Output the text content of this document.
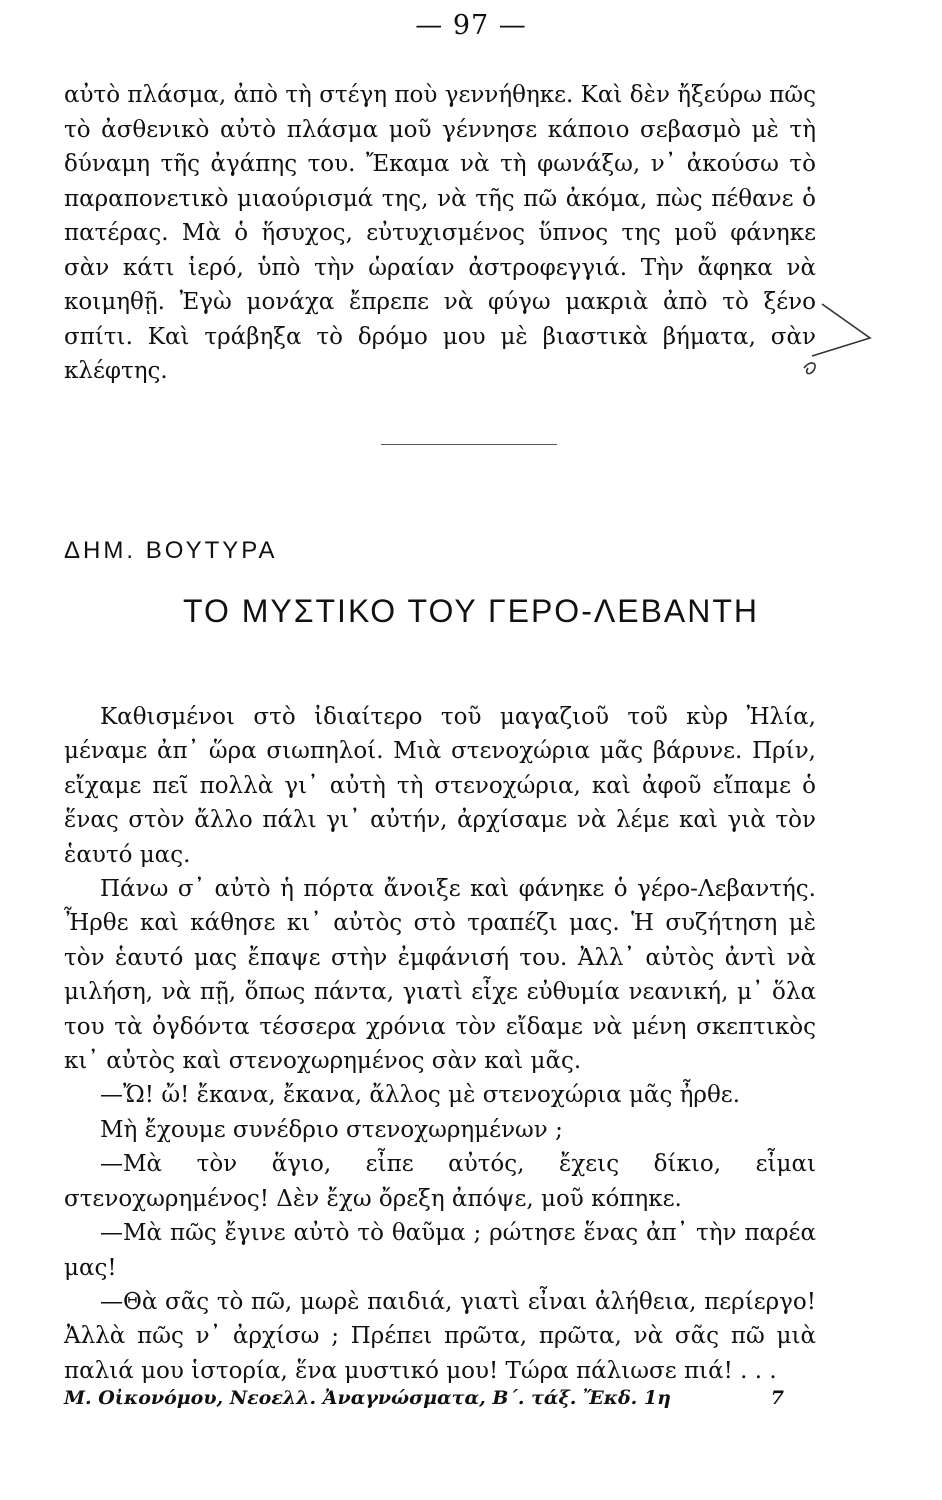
— 97 —

αὐτὸ πλάσμα, ἀπὸ τὴ στέγη ποὺ γεννήθηκε. Καὶ δὲν ἤξεύρω πῶς τὸ ἀσθενικὸ αὐτὸ πλάσμα μοῦ γέννησε κάποιο σεβασμὸ μὲ τὴ δύναμη τῆς ἀγάπης του. Ἔκαμα νὰ τὴ φωνάξω, ν᾽ ἀκούσω τὸ παραπονετικὸ μιαούρισμά της, νὰ τῆς πῶ ἀκόμα, πὼς πέθανε ὁ πατέρας. Μὰ ὁ ἥσυχος, εὐτυχισμένος ὕπνος της μοῦ φάνηκε σὰν κάτι ἱερό, ὑπὸ τὴν ὡραίαν ἀστροφεγγιά. Τὴν ἄφηκα νὰ κοιμηθῇ. Ἐγὼ μονάχα ἔπρεπε νὰ φύγω μακριὰ ἀπὸ τὸ ξένο σπίτι. Καὶ τράβηξα τὸ δρόμο μου μὲ βιαστικὰ βήματα, σὰν κλέφτης.

ΔΗΜ. ΒΟΥΤΥΡΑ
ΤΟ ΜΥΣΤΙΚΟ ΤΟΥ ΓΕΡΟ-ΛΕΒΑΝΤΗ

Καθισμένοι στὸ ἰδιαίτερο τοῦ μαγαζιοῦ τοῦ κὺρ Ἠλία, μέναμε ἀπ᾽ ὥρα σιωπηλοί. Μιὰ στενοχώρια μᾶς βάρυνε. Πρίν, εἴχαμε πεῖ πολλὰ γι᾽ αὐτὴ τὴ στενοχώρια, καὶ ἀφοῦ εἴπαμε ὁ ἕνας στὸν ἄλλο πάλι γι᾽ αὐτήν, ἀρχίσαμε νὰ λέμε καὶ γιὰ τὸν ἑαυτό μας.

Πάνω σ᾽ αὐτὸ ἡ πόρτα ἄνοιξε καὶ φάνηκε ὁ γέρο-Λεβαντής. Ἦρθε καὶ κάθησε κι᾽ αὐτὸς στὸ τραπέζι μας. Ἡ συζήτηση μὲ τὸν ἑαυτό μας ἔπαψε στὴν ἐμφάνισή του. Ἀλλ᾽ αὐτὸς ἀντὶ νὰ μιλήση, νὰ πῇ, ὅπως πάντα, γιατὶ εἶχε εὐθυμία νεανική, μ᾽ ὅλα του τὰ ὀγδόντα τέσσερα χρόνια τὸν εἴδαμε νὰ μένη σκεπτικὸς κι᾽ αὐτὸς καὶ στενοχωρημένος σὰν καὶ μᾶς.

—Ὤ! ὤ! ἔκανα, ἔκανα, ἄλλος μὲ στενοχώρια μᾶς ἦρθε.

Μὴ ἔχουμε συνέδριο στενοχωρημένων ;

—Μὰ τὸν ἅγιο, εἶπε αὐτός, ἔχεις δίκιο, εἶμαι στενοχωρημένος! Δὲν ἔχω ὄρεξη ἀπόψε, μοῦ κόπηκε.

—Μὰ πῶς ἔγινε αὐτὸ τὸ θαῦμα ; ρώτησε ἕνας ἀπ᾽ τὴν παρέα μας!

—Θὰ σᾶς τὸ πῶ, μωρὲ παιδιά, γιατὶ εἶναι ἀλήθεια, περίεργο! Ἀλλὰ πῶς ν᾽ ἀρχίσω ; Πρέπει πρῶτα, πρῶτα, νὰ σᾶς πῶ μιὰ παλιά μου ἱστορία, ἕνα μυστικό μου! Τώρα πάλιωσε πιά! . . .

Μ. Οἰκονόμου, Νεοελλ. Ἀναγνώσματα, Β΄. τάξ. Ἔκδ. 1η	7
